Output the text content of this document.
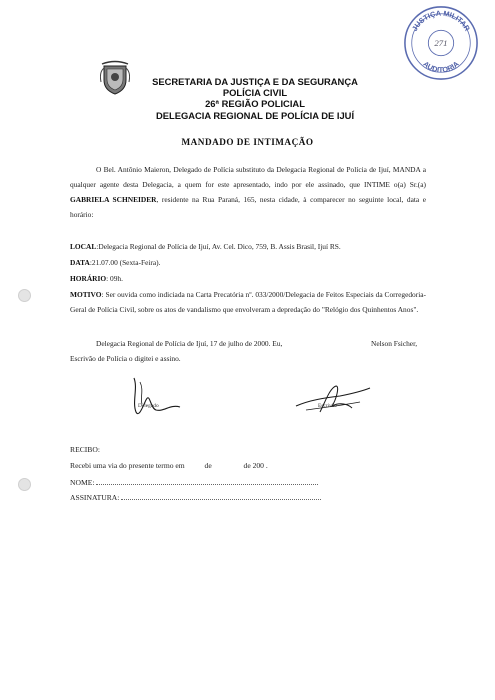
JUSTIÇA MILITAR
AUDITORIA
271
SECRETARIA DA JUSTIÇA E DA SEGURANÇA
POLÍCIA CIVIL
26ª REGIÃO POLICIAL
DELEGACIA REGIONAL DE POLÍCIA DE IJUÍ
MANDADO DE INTIMAÇÃO
O Bel. Antônio Maieron, Delegado de Polícia substituto da Delegacia Regional de Polícia de Ijuí, MANDA a qualquer agente desta Delegacia, a quem for este apresentado, indo por ele assinado, que INTIME o(a) Sr.(a) GABRIELA SCHNEIDER, residente na Rua Paraná, 165, nesta cidade, à comparecer no seguinte local, data e horário:
LOCAL:Delegacia Regional de Polícia de Ijuí, Av. Cel. Dico, 759, B. Assis Brasil, Ijuí RS.
DATA:21.07.00 (Sexta-Feira).
HORÁRIO: 09h.
MOTIVO: Ser ouvida como indiciada na Carta Precatória nº. 033/2000/Delegacia de Feitos Especiais da Corregedoria-Geral de Polícia Civil, sobre os atos de vandalismo que envolveram a depredação do "Relógio dos Quinhentos Anos".
Delegacia Regional de Polícia de Ijuí, 17 de julho de 2000. Eu,	Nelson Fsicher,
Escrivão de Polícia o digitei e assino.
Delegado	Escrivão
RECIBO:
Recebi uma via do presente termo em	de	de 200 .
NOME:
ASSINATURA:
